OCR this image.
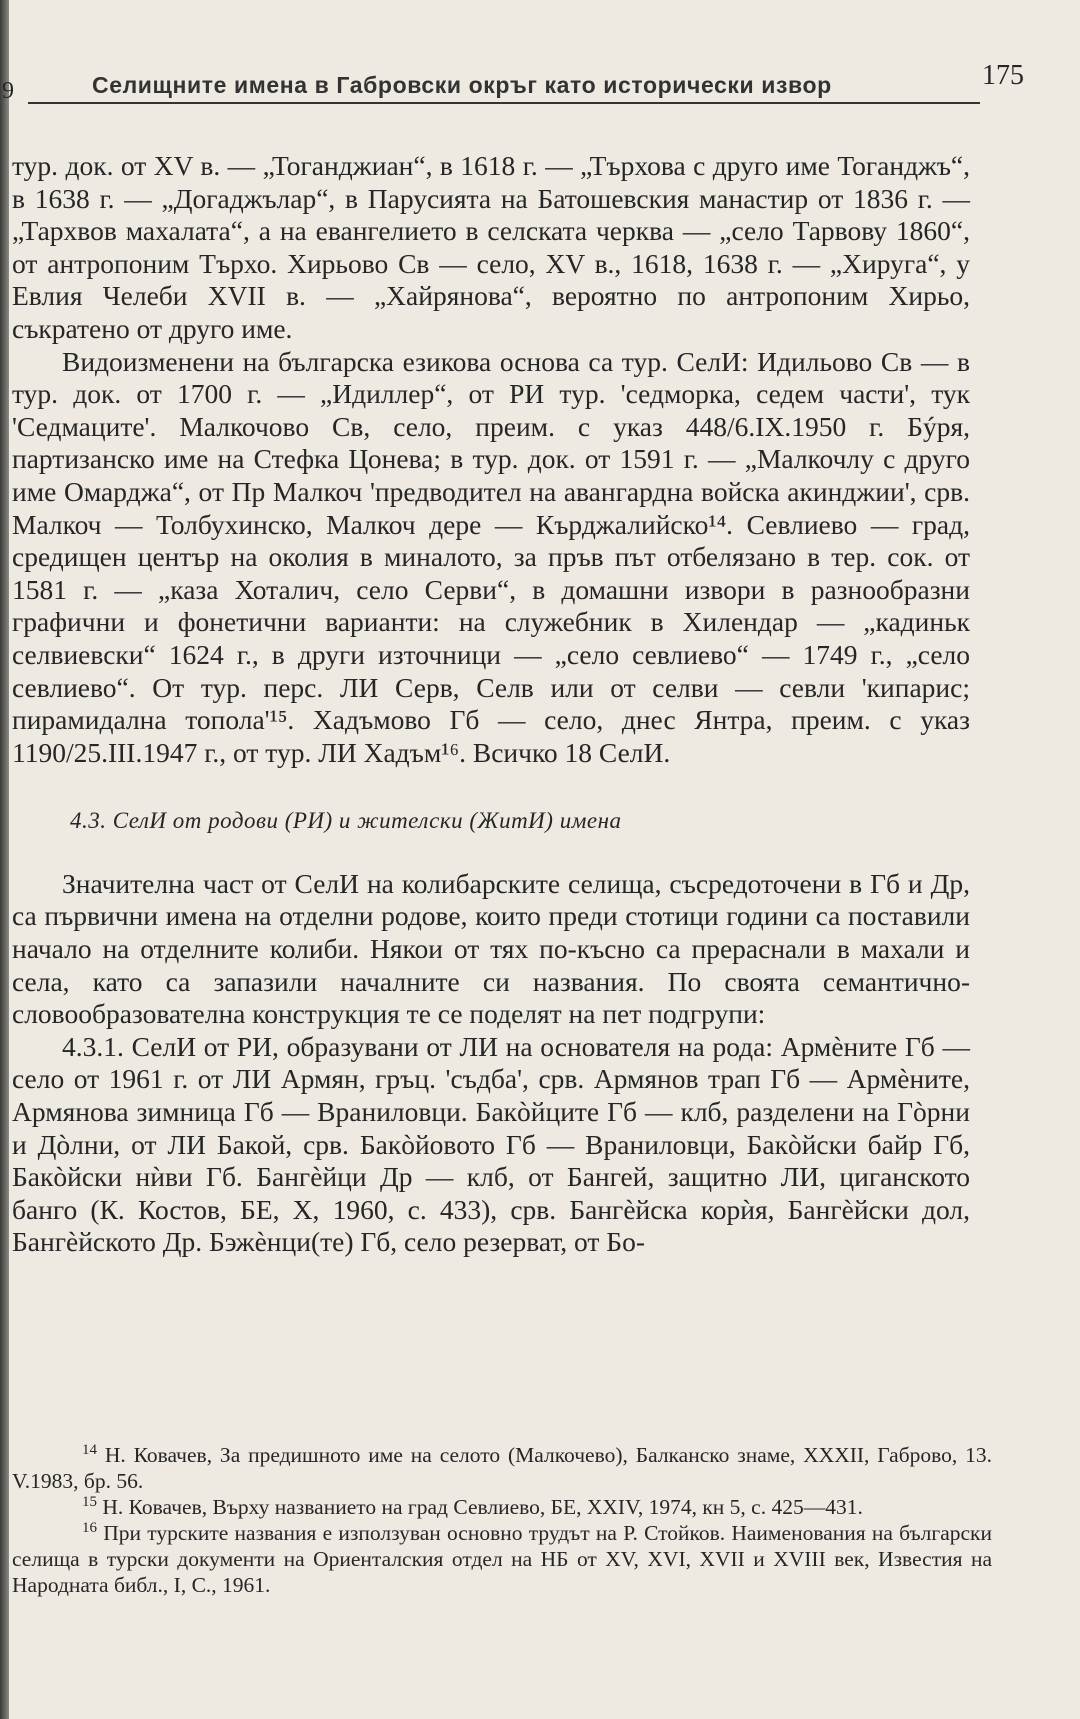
9	Селищните имена в Габровски окръг като исторически извор	175

тур. док. от XV в. — „Тоганджиан“, в 1618 г. — „Търхова с друго име Тоганджъ“, в 1638 г. — „Догаджълар“, в Парусията на Батошевския манастир от 1836 г. — „Тархвов махалата“, а на евангелието в селската черква — „село Тарвову 1860“, от антропоним Търхо. Хирьово Св — село, XV в., 1618, 1638 г. — „Хируга“, у Евлия Челеби XVII в. — „Хайрянова“, вероятно по антропоним Хирьо, съкратено от друго име.

Видоизменени на българска езикова основа са тур. СелИ: Идильово Св — в тур. док. от 1700 г. — „Идиллер“, от РИ тур. 'седморка, седем части', тук 'Седмаците'. Малкочово Св, село, преим. с указ 448/6.IX.1950 г. Бýря, партизанско име на Стефка Цонева; в тур. док. от 1591 г. — „Малкочлу с друго име Омарджа“, от Пр Малкоч 'предводител на авангардна войска акинджии', срв. Малкоч — Толбухинско, Малкоч дере — Кърджалийско¹⁴. Севлиево — град, средищен център на околия в миналото, за пръв път отбелязано в тер. сок. от 1581 г. — „каза Хоталич, село Серви“, в домашни извори в разнообразни графични и фонетични варианти: на служебник в Хилендар — „кадиньк селвиевски“ 1624 г., в други източници — „село севлиево“ — 1749 г., „село севлиево“. От тур. перс. ЛИ Серв, Селв или от селви — севли 'кипарис; пирамидална топола'¹⁵. Хадъмово Гб — село, днес Янтра, преим. с указ 1190/25.III.1947 г., от тур. ЛИ Хадъм¹⁶. Всичко 18 СелИ.

4.3. СелИ от родови (РИ) и жителски (ЖитИ) имена

Значителна част от СелИ на колибарските селища, съсредоточени в Гб и Др, са първични имена на отделни родове, които преди стотици години са поставили начало на отделните колиби. Някои от тях по-късно са прераснали в махали и села, като са запазили началните си названия. По своята семантично-словообразователна конструкция те се поделят на пет подгрупи:

4.3.1. СелИ от РИ, образувани от ЛИ на основателя на рода: Армèните Гб — село от 1961 г. от ЛИ Армян, гръц. 'съдба', срв. Армянов трап Гб — Армèните, Армянова зимница Гб — Враниловци. Бакòйците Гб — клб, разделени на Гòрни и Дòлни, от ЛИ Бакой, срв. Бакòйовото Гб — Враниловци, Бакòйски байр Гб, Бакòйски нѝви Гб. Бангèйци Др — клб, от Бангей, защитно ЛИ, циганското банго (К. Костов, БЕ, X, 1960, с. 433), срв. Бангèйска корѝя, Бангèйски дол, Бангèйското Др. Бэжèнци(те) Гб, село резерват, от Бо-

$^{14}$ Н. Ковачев, За предишното име на селото (Малкочево), Балканско знаме, XXXII, Габрово, 13. V.1983, бр. 56.

$^{15}$ Н. Ковачев, Върху названието на град Севлиево, БЕ, XXIV, 1974, кн 5, с. 425—431.

$^{16}$ При турските названия е използуван основно трудът на Р. Стойков. Наименования на български селища в турски документи на Ориенталския отдел на НБ от XV, XVI, XVII и XVIII век, Известия на Народната библ., I, С., 1961.
